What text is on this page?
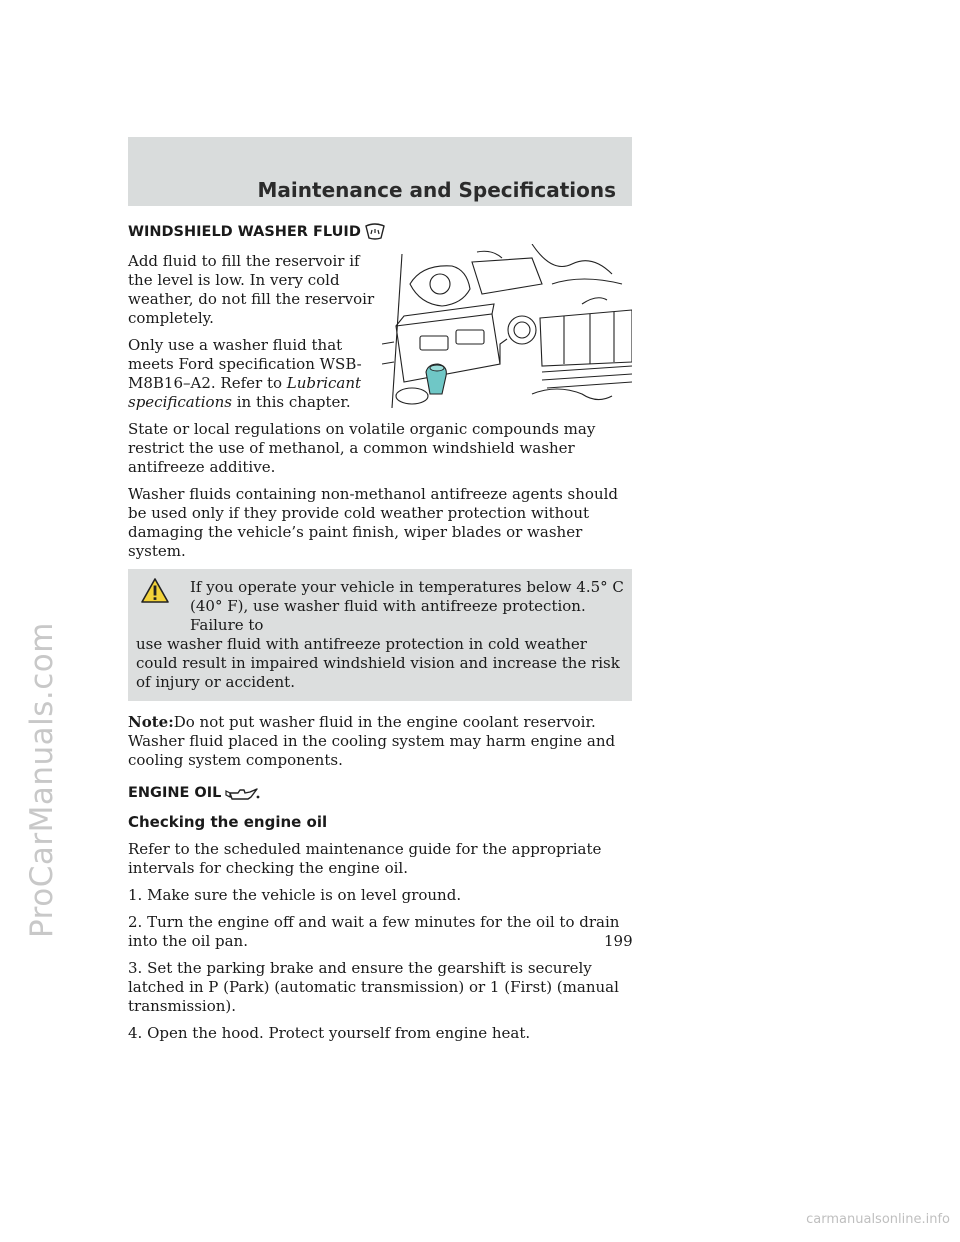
ProCarManuals.com
Maintenance and Specifications
WINDSHIELD WASHER FLUID

Add fluid to fill the reservoir if the level is low. In very cold weather, do not fill the reservoir completely.

Only use a washer fluid that meets Ford specification WSB-M8B16–A2. Refer to Lubricant specifications in this chapter.

State or local regulations on volatile organic compounds may restrict the use of methanol, a common windshield washer antifreeze additive.

Washer fluids containing non-methanol antifreeze agents should be used only if they provide cold weather protection without damaging the vehicle’s paint finish, wiper blades or washer system.

If you operate your vehicle in temperatures below 4.5° C
(40° F), use washer fluid with antifreeze protection. Failure to
use washer fluid with antifreeze protection in cold weather could result in impaired windshield vision and increase the risk of injury or accident.

Note:Do not put washer fluid in the engine coolant reservoir. Washer fluid placed in the cooling system may harm engine and cooling system components.

ENGINE OIL
Checking the engine oil

Refer to the scheduled maintenance guide for the appropriate intervals for checking the engine oil.

1. Make sure the vehicle is on level ground.

2. Turn the engine off and wait a few minutes for the oil to drain into the oil pan.

3. Set the parking brake and ensure the gearshift is securely latched in P (Park) (automatic transmission) or 1 (First) (manual transmission).

4. Open the hood. Protect yourself from engine heat.

199
carmanualsonline.info
